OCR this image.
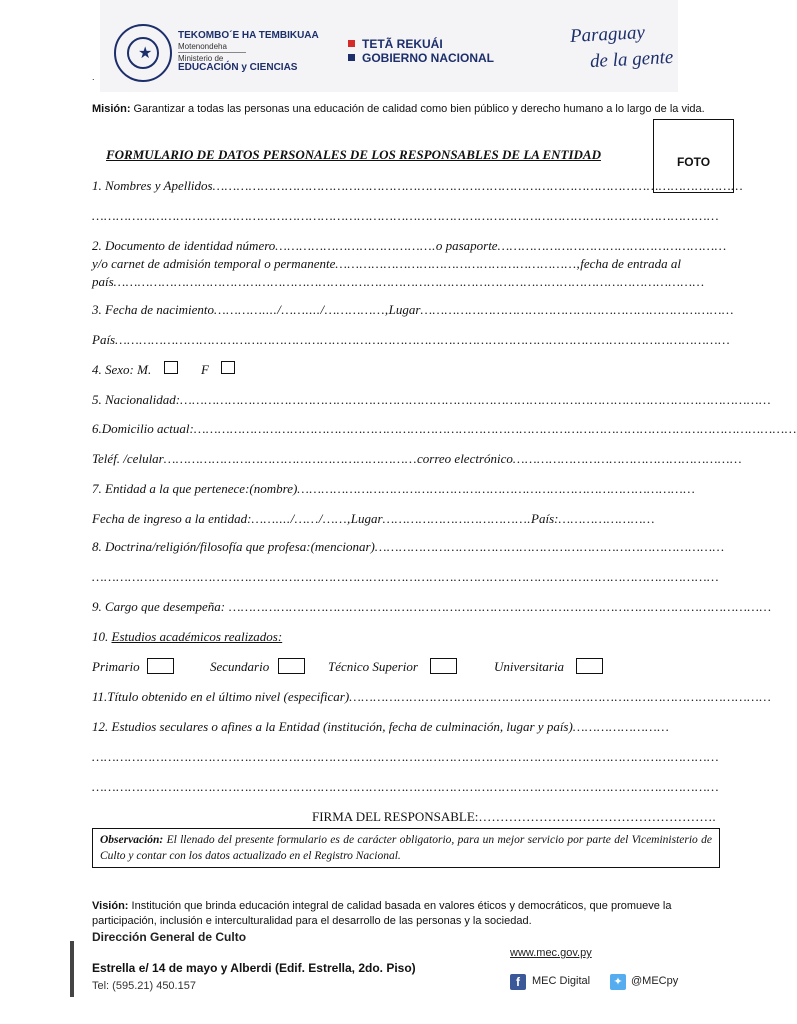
★
TEKOMBO´E HA TEMBIKUAA
Motenondeha
Ministerio de
EDUCACIÓN y CIENCIAS
TETÃ REKUÁI
GOBIERNO NACIONAL
Paraguay
de la gente
.
Misión: Garantizar a todas las personas una educación de calidad como bien público y derecho humano a lo largo de la vida.
FOTO
FORMULARIO DE DATOS PERSONALES DE LOS RESPONSABLES DE LA ENTIDAD
1. Nombres y Apellidos……………………………………………………………………………………………………………………
…………………………………………………………………………………………………………………………………………
2. Documento de identidad número………………………………….o pasaporte…………………………………………………
y/o carnet de admisión temporal o permanente……………………………………………………,fecha de entrada al
país…………………………………………………………………………………………………………………………………
3. Fecha de nacimiento…………..../……..../……………,Lugar……………………………………………………………………
País………………………………………………………………………………………………………………………………………
4. Sexo: M.	F
5. Nacionalidad:…………………………………………………………………………………………………………………………………
6.Domicilio actual:……………………………………………………………………………………………………………………………………
Teléf. /celular………………………………………………………correo electrónico…………………………………………………
7. Entidad a la que pertenece:(nombre)………………………………………………………………………………………
Fecha de ingreso a la entidad:……..../……/……,Lugar……………………………….País:……………………
8. Doctrina/religión/filosofía que profesa:(mencionar)……………………………………………………………………………
…………………………………………………………………………………………………………………………………………
9. Cargo que desempeña: ………………………………………………………………………………………………………………………
10. Estudios académicos realizados:
Primario	Secundario	Técnico Superior	Universitaria
11.Título obtenido en el último nivel (especificar)……………………………………………………………………………………………
12. Estudios seculares o afines a la Entidad (institución, fecha de culminación, lugar y país)……………………
…………………………………………………………………………………………………………………………………………
…………………………………………………………………………………………………………………………………………
FIRMA DEL RESPONSABLE:……………………………………………….
Observación: El llenado del presente formulario es de carácter obligatorio, para un mejor servicio por parte del Viceministerio de Culto y contar con los datos actualizado en el Registro Nacional.
Visión: Institución que brinda educación integral de calidad basada en valores éticos y democráticos, que promueve la participación, inclusión e interculturalidad para el desarrollo de las personas y la sociedad.
Dirección General de Culto
Estrella e/ 14 de mayo y Alberdi (Edif. Estrella, 2do. Piso)
Tel: (595.21) 450.157
www.mec.gov.py
f	MEC Digital	✦ @MECpy
